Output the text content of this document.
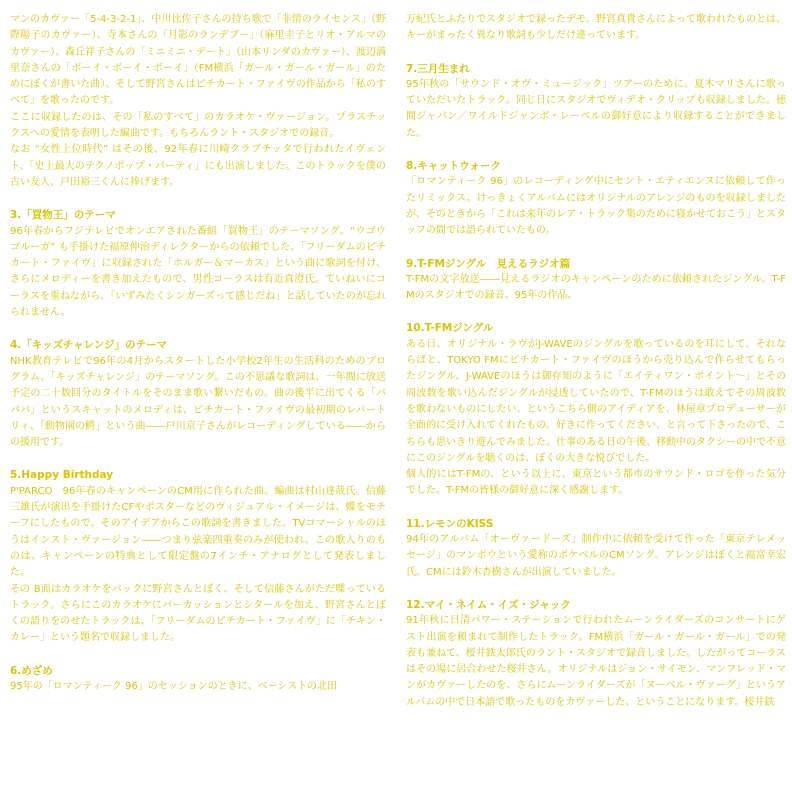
マンのカヴァー「5-4-3-2-1」、中川比佐子さんの持ち歌で「非情のライセンス」（野際陽子のカヴァー）、寺本さんの「月影のランデブー」（麻里圭子とリオ・アルマのカヴァー）、森丘祥子さんの「ミニミニ・デート」（山本リンダのカヴァー）、渡辺満里奈さんの「ボーイ・ボーイ・ボーイ」（FM横浜「ガール・ガール・ガール」のためにぼくが書いた曲）、そして野宮さんはピチカート・ファイヴの作品から「私のすべて」を歌ったのです。

ここに収録したのは、その「私のすべて」のカラオケ・ヴァージョン。プラスチックスへの愛情を表明した編曲です。もちろんラント・スタジオでの録音。

なお “女性上位時代” はその後、92年春に川崎クラブチッタで行われたイヴェント、「史上最大のテクノポップ・パーティ」にも出演しました。このトラックを僕の古い友人、戸田裕三くんに捧げます。

3.「買物王」のテーマ

96年春からフジテレビでオンエアされた番組「買物王」のテーマソング。“ウゴウゴルーガ” も手掛けた福原伸治ディレクターからの依頼でした。「フリーダムのピチカート・ファイヴ」に収録された「ホルガー＆マーカス」という曲に歌詞を付け、さらにメロディーを書き加えたもので、男性コーラスは有近真澄氏。ていねいにコーラスを重ねながら、「いずみたくシンガーズって感じだね」と話していたのが忘れられません。

4.「キッズチャレンジ」のテーマ

NHK教育テレビで96年の4月からスタートした小学校2年生の生活科のためのプログラム、「キッズチャレンジ」のテーマソング。この不思議な歌詞は、一年間に放送予定の二十数回分のタイトルをそのまま歌い繋いだもの。曲の後半に出てくる「パパパ」というスキャットのメロディは、ピチカート・ファイヴの最初期のレパートリィ、「動物園の鰐」という曲――戸川京子さんがレコーディングしている――からの援用です。

5.Happy Birthday

P'PARCO　96年春のキャンペーンのCM用に作られた曲。編曲は村山達哉氏。信藤三雄氏が演出を手掛けたCFやポスターなどのヴィジュアル・イメージは、蝶をモチーフにしたもので、そのアイデアからこの歌詞を書きました。TVコマーシャルのほうはインスト・ヴァージョン――つまり弦楽四重奏のみが使われ、この歌入りのものは、キャンペーンの特典として限定盤の7インチ・アナログとして発表しました。

その B面はカラオケをバックに野宮さんとぼく、そして信藤さんがただ喋っているトラック。さらにこのカラオケにパーカッションとシタールを加え、野宮さんとぼくの語りをのせたトラックは、「フリーダムのピチカート・ファイヴ」に「チキン・カレー」という題名で収録しました。

6.めざめ

95年の「ロマンティーク 96」のセッションのときに、ベーシストの北田

万紀氏とふたりでスタジオで録ったデモ。野宮真貴さんによって歌われたものとは、キーがまったく異なり歌詞も少しだけ違っています。

7.三月生まれ

95年秋の「サウンド・オヴ・ミュージック」ツアーのために、夏木マリさんに歌っていただいたトラック。同じ日にスタジオでヴィデオ・クリップも収録しました。徳間ジャパン／ワイルドジャンボ・レーベルの御好意により収録することができました。

8.キャットウォーク

「ロマンティーク 96」のレコーディング中にセント・エティエンヌに依頼して作ったリミックス。けっきょくアルバムにはオリジナルのアレンジのものを収録しましたが、そのときから「これは来年のレア・トラック集のために寝かせておこう」とスタッフの間では語られていたもの。

9.T-FMジングル　見えるラジオ篇

T-FMの文字放送――見えるラジオのキャンペーンのために依頼されたジングル。T-FMのスタジオでの録音。95年の作品。

10.T-FMジングル

ある日、オリジナル・ラヴがJ-WAVEのジングルを歌っているのを耳にして、それならばと、TOKYO FMにピチカート・ファイヴのほうから売り込んで作らせてもらったジングル。J-WAVEのほうは御存知のように「エイティワン・ポイント～」とその周波数を歌い込んだジングルが浸透していたので、T-FMのほうは敢えてその周波数を歌わないものにしたい、というこちら側のアイディアを、林屋章プロデューサーが全面的に受け入れてくれたもの。好きに作ってください、と言って下さったので、こちらも思いきり遊んでみました。仕事のある日の午後、移動中のタクシーの中で不意にこのジングルを聴くのは、ぼくの大きな悦びでした。

個人的にはT-FMの、という以上に、東京という都市のサウンド・ロゴを作った気分でした。T-FMの皆様の御好意に深く感謝します。

11.レモンのKISS

94年のアルバム「オーヴァードーズ」制作中に依頼を受けて作った「東京テレメッセージ」のマンボウという愛称のポケベルのCMソング。アレンジはぼくと福富幸宏氏。CMには鈴木杏樹さんが出演していました。

12.マイ・ネイム・イズ・ジャック

91年秋に日清パワー・ステーションで行われたムーンライダーズのコンサートにゲスト出演を頼まれて制作したトラック。FM横浜「ガール・ガール・ガール」での発表も兼ねて、桜井鉄太郎氏のラント・スタジオで録音しました。したがってコーラスはその場に居合わせた桜井さん。オリジナルはジョン・サイモン、マンフレッド・マンがカヴァーしたのを、さらにムーンライダーズが「ヌーベル・ヴァーグ」というアルバムの中で日本語で歌ったものをカヴァーした、ということになります。桜井鉄
